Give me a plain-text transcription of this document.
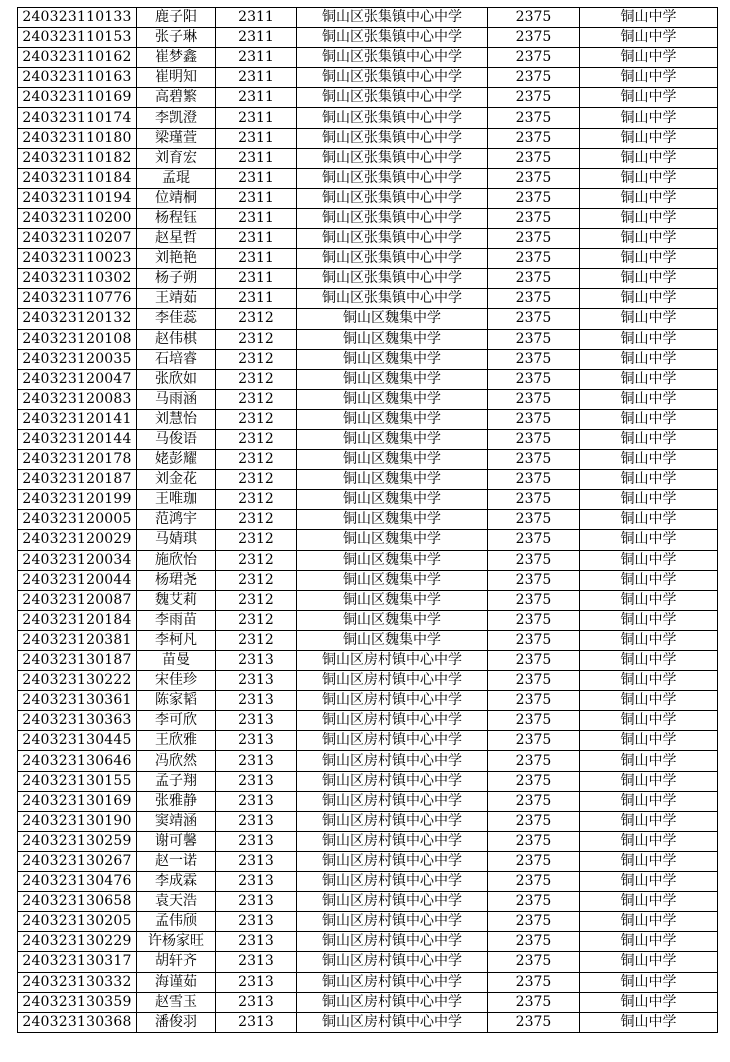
240323110133	鹿子阳	2311	铜山区张集镇中心中学	2375	铜山中学
240323110153	张子琳	2311	铜山区张集镇中心中学	2375	铜山中学
240323110162	崔梦鑫	2311	铜山区张集镇中心中学	2375	铜山中学
240323110163	崔明知	2311	铜山区张集镇中心中学	2375	铜山中学
240323110169	高碧繁	2311	铜山区张集镇中心中学	2375	铜山中学
240323110174	李凯澄	2311	铜山区张集镇中心中学	2375	铜山中学
240323110180	梁瑾萱	2311	铜山区张集镇中心中学	2375	铜山中学
240323110182	刘育宏	2311	铜山区张集镇中心中学	2375	铜山中学
240323110184	孟琨	2311	铜山区张集镇中心中学	2375	铜山中学
240323110194	位靖桐	2311	铜山区张集镇中心中学	2375	铜山中学
240323110200	杨程钰	2311	铜山区张集镇中心中学	2375	铜山中学
240323110207	赵星哲	2311	铜山区张集镇中心中学	2375	铜山中学
240323110023	刘艳艳	2311	铜山区张集镇中心中学	2375	铜山中学
240323110302	杨子朔	2311	铜山区张集镇中心中学	2375	铜山中学
240323110776	王靖茹	2311	铜山区张集镇中心中学	2375	铜山中学
240323120132	李佳蕊	2312	铜山区魏集中学	2375	铜山中学
240323120108	赵伟棋	2312	铜山区魏集中学	2375	铜山中学
240323120035	石培睿	2312	铜山区魏集中学	2375	铜山中学
240323120047	张欣如	2312	铜山区魏集中学	2375	铜山中学
240323120083	马雨涵	2312	铜山区魏集中学	2375	铜山中学
240323120141	刘慧怡	2312	铜山区魏集中学	2375	铜山中学
240323120144	马俊语	2312	铜山区魏集中学	2375	铜山中学
240323120178	姥彭耀	2312	铜山区魏集中学	2375	铜山中学
240323120187	刘金花	2312	铜山区魏集中学	2375	铜山中学
240323120199	王唯珈	2312	铜山区魏集中学	2375	铜山中学
240323120005	范鸿宇	2312	铜山区魏集中学	2375	铜山中学
240323120029	马婧琪	2312	铜山区魏集中学	2375	铜山中学
240323120034	施欣怡	2312	铜山区魏集中学	2375	铜山中学
240323120044	杨珺尧	2312	铜山区魏集中学	2375	铜山中学
240323120087	魏艾莉	2312	铜山区魏集中学	2375	铜山中学
240323120184	李雨苗	2312	铜山区魏集中学	2375	铜山中学
240323120381	李柯凡	2312	铜山区魏集中学	2375	铜山中学
240323130187	苗曼	2313	铜山区房村镇中心中学	2375	铜山中学
240323130222	宋佳珍	2313	铜山区房村镇中心中学	2375	铜山中学
240323130361	陈家韬	2313	铜山区房村镇中心中学	2375	铜山中学
240323130363	李可欣	2313	铜山区房村镇中心中学	2375	铜山中学
240323130445	王欣雅	2313	铜山区房村镇中心中学	2375	铜山中学
240323130646	冯欣然	2313	铜山区房村镇中心中学	2375	铜山中学
240323130155	孟子翔	2313	铜山区房村镇中心中学	2375	铜山中学
240323130169	张雅静	2313	铜山区房村镇中心中学	2375	铜山中学
240323130190	窦靖涵	2313	铜山区房村镇中心中学	2375	铜山中学
240323130259	谢可馨	2313	铜山区房村镇中心中学	2375	铜山中学
240323130267	赵一诺	2313	铜山区房村镇中心中学	2375	铜山中学
240323130476	李成霖	2313	铜山区房村镇中心中学	2375	铜山中学
240323130658	袁天浩	2313	铜山区房村镇中心中学	2375	铜山中学
240323130205	孟伟颀	2313	铜山区房村镇中心中学	2375	铜山中学
240323130229	许杨家旺	2313	铜山区房村镇中心中学	2375	铜山中学
240323130317	胡轩齐	2313	铜山区房村镇中心中学	2375	铜山中学
240323130332	海谨茹	2313	铜山区房村镇中心中学	2375	铜山中学
240323130359	赵雪玉	2313	铜山区房村镇中心中学	2375	铜山中学
240323130368	潘俊羽	2313	铜山区房村镇中心中学	2375	铜山中学
